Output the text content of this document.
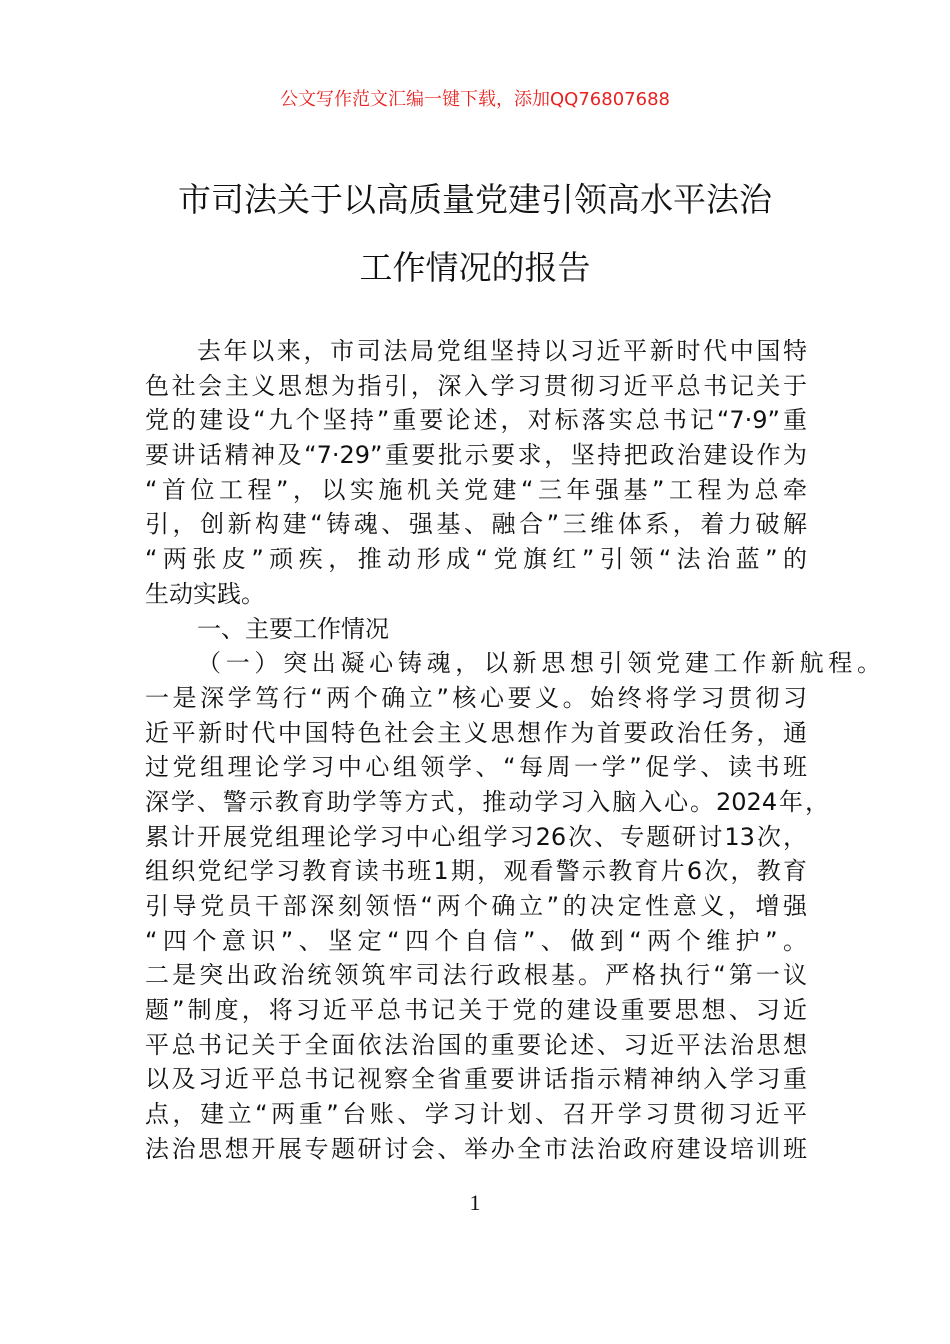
公文写作范文汇编一键下载，添加QQ76807688
市司法关于以高质量党建引领高水平法治
工作情况的报告
去年以来，市司法局党组坚持以习近平新时代中国特
色社会主义思想为指引，深入学习贯彻习近平总书记关于
党的建设“九个坚持”重要论述，对标落实总书记“7·9”重
要讲话精神及“7·29”重要批示要求，坚持把政治建设作为
“首位工程”，以实施机关党建“三年强基”工程为总牵
引，创新构建“铸魂、强基、融合”三维体系，着力破解
“两张皮”顽疾，推动形成“党旗红”引领“法治蓝”的
生动实践。
一、主要工作情况
（一）突出凝心铸魂，以新思想引领党建工作新航程。
一是深学笃行“两个确立”核心要义。始终将学习贯彻习
近平新时代中国特色社会主义思想作为首要政治任务，通
过党组理论学习中心组领学、“每周一学”促学、读书班
深学、警示教育助学等方式，推动学习入脑入心。2024年，
累计开展党组理论学习中心组学习26次、专题研讨13次，
组织党纪学习教育读书班1期，观看警示教育片6次，教育
引导党员干部深刻领悟“两个确立”的决定性意义，增强
“四个意识”、坚定“四个自信”、做到“两个维护”。
二是突出政治统领筑牢司法行政根基。严格执行“第一议
题”制度，将习近平总书记关于党的建设重要思想、习近
平总书记关于全面依法治国的重要论述、习近平法治思想
以及习近平总书记视察全省重要讲话指示精神纳入学习重
点，建立“两重”台账、学习计划、召开学习贯彻习近平
法治思想开展专题研讨会、举办全市法治政府建设培训班
1
